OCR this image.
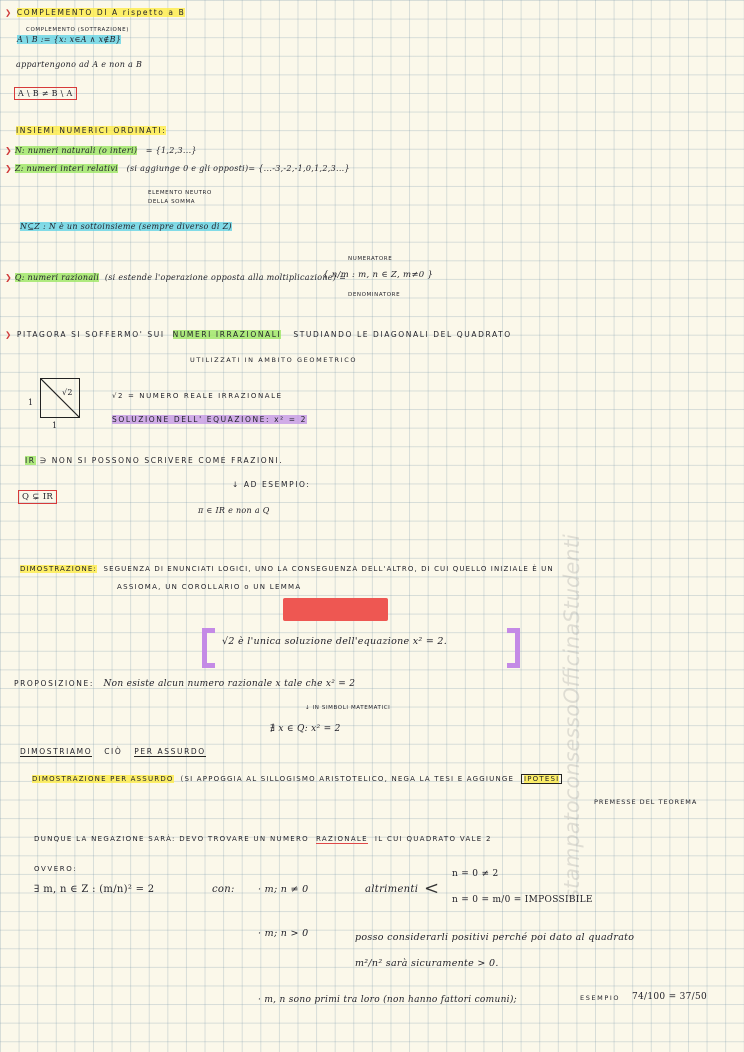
stampatoconsessoOfficinaStudenti
❯ COMPLEMENTO DI A rispetto a B
COMPLEMENTO (SOTTRAZIONE)
A \ B := {x: x∈A ∧ x∉B}
appartengono ad A e non a B
A \ B ≠ B \ A
INSIEMI NUMERICI ORDINATI:
❯ N: numeri naturali (o interi) = {1,2,3...}
❯ Z: numeri interi relativi (si aggiunge 0 e gli opposti)= {...-3,-2,-1,0,1,2,3...}
ELEMENTO NEUTRO DELLA SOMMA
N⊆Z : N è un sottoinsieme (sempre diverso di Z)
❯ Q: numeri razionali (si estende l'operazione opposta alla moltiplicazione) =
NUMERATORE
{ n/m : m, n ∈ Z, m≠0 }
DENOMINATORE
❯ PITAGORA SI SOFFERMO' SUI NUMERI IRRAZIONALI STUDIANDO LE DIAGONALI DEL QUADRATO
UTILIZZATI IN AMBITO GEOMETRICO
√2
1
1
√2 = NUMERO REALE IRRAZIONALE
SOLUZIONE DELL' EQUAZIONE: x² = 2
IR ∋ NON SI POSSONO SCRIVERE COME FRAZIONI.
↓ AD ESEMPIO:
Q ⊊ IR
π ∈ IR e non a Q
DIMOSTRAZIONE: SEGUENZA DI ENUNCIATI LOGICI, UNO LA CONSEGUENZA DELL'ALTRO, DI CUI QUELLO INIZIALE È UN
ASSIOMA, UN COROLLARIO o UN LEMMA
√2 è l'unica soluzione dell'equazione x² = 2.
PROPOSIZIONE: Non esiste alcun numero razionale x tale che x² = 2
↓ IN SIMBOLI MATEMATICI
∄ x ∈ Q: x² = 2
DIMOSTRIAMO CIÒ PER ASSURDO
DIMOSTRAZIONE PER ASSURDO (SI APPOGGIA AL SILLOGISMO ARISTOTELICO, NEGA LA TESI E AGGIUNGE IPOTESI
PREMESSE DEL TEOREMA
DUNQUE LA NEGAZIONE SARÀ: DEVO TROVARE UN NUMERO RAZIONALE IL CUI QUADRATO VALE 2
OVVERO:
∃ m, n ∈ Z : (m/n)² = 2	con: · m; n ≠ 0	altrimenti <
n = 0 ≠ 2
n = 0 = m/0 = IMPOSSIBILE
· m; n > 0	posso considerarli positivi perché poi dato al quadrato
m²/n² sarà sicuramente > 0.
· m, n sono primi tra loro (non hanno fattori comuni);	ESEMPIO 74/100 = 37/50
